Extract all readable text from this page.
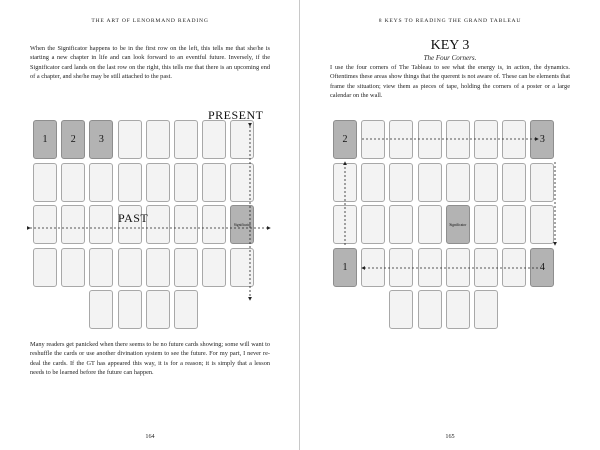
THE ART OF LENORMAND READING

When the Significator happens to be in the first row on the left, this tells me that she/he is starting a new chapter in life and can look forward to an eventful future. Inversely, if the Significator card lands on the last row on the right, this tells me that there is an upcoming end of a chapter, and she/he may be still attached to the past.

1	2	3
Significator
PRESENT
PAST

Many readers get panicked when there seems to be no future cards showing; some will want to reshuffle the cards or use another divination system to see the future. For my part, I never re-deal the cards. If the GT has appeared this way, it is for a reason; it is simply that a lesson needs to be learned before the future can happen.

164
8 KEYS TO READING THE GRAND TABLEAU
KEY 3
The Four Corners.

I use the four corners of The Tableau to see what the energy is, in action, the dynamics. Oftentimes these areas show things that the querent is not aware of. These can be elements that frame the situation; view them as pieces of tape, holding the corners of a poster or a large calendar on the wall.

2	3
Significator
1	4
165
